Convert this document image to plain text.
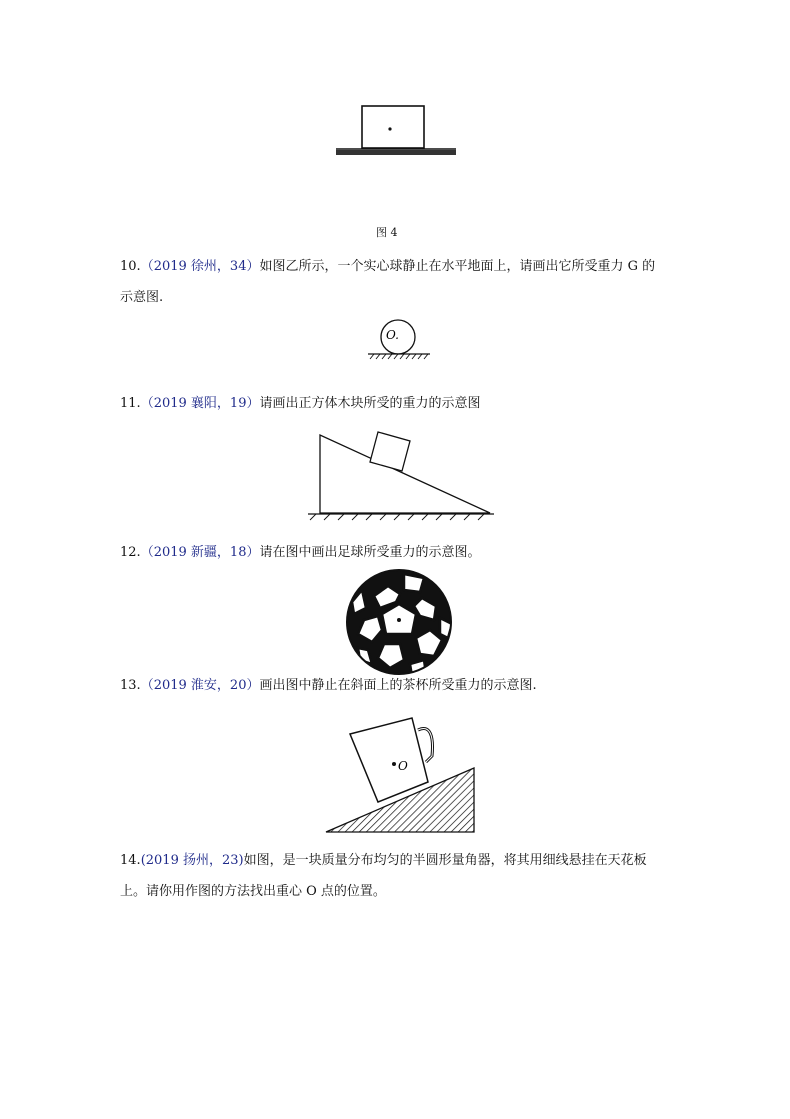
图 4
10.（2019 徐州，34）如图乙所示，一个实心球静止在水平地面上，请画出它所受重力 G 的
示意图.
O.
11.（2019 襄阳，19）请画出正方体木块所受的重力的示意图
12.（2019 新疆，18）请在图中画出足球所受重力的示意图。
13.（2019 淮安，20）画出图中静止在斜面上的茶杯所受重力的示意图.
O
14.(2019 扬州，23)如图，是一块质量分布均匀的半圆形量角器，将其用细线悬挂在天花板
上。请你用作图的方法找出重心 O 点的位置。
